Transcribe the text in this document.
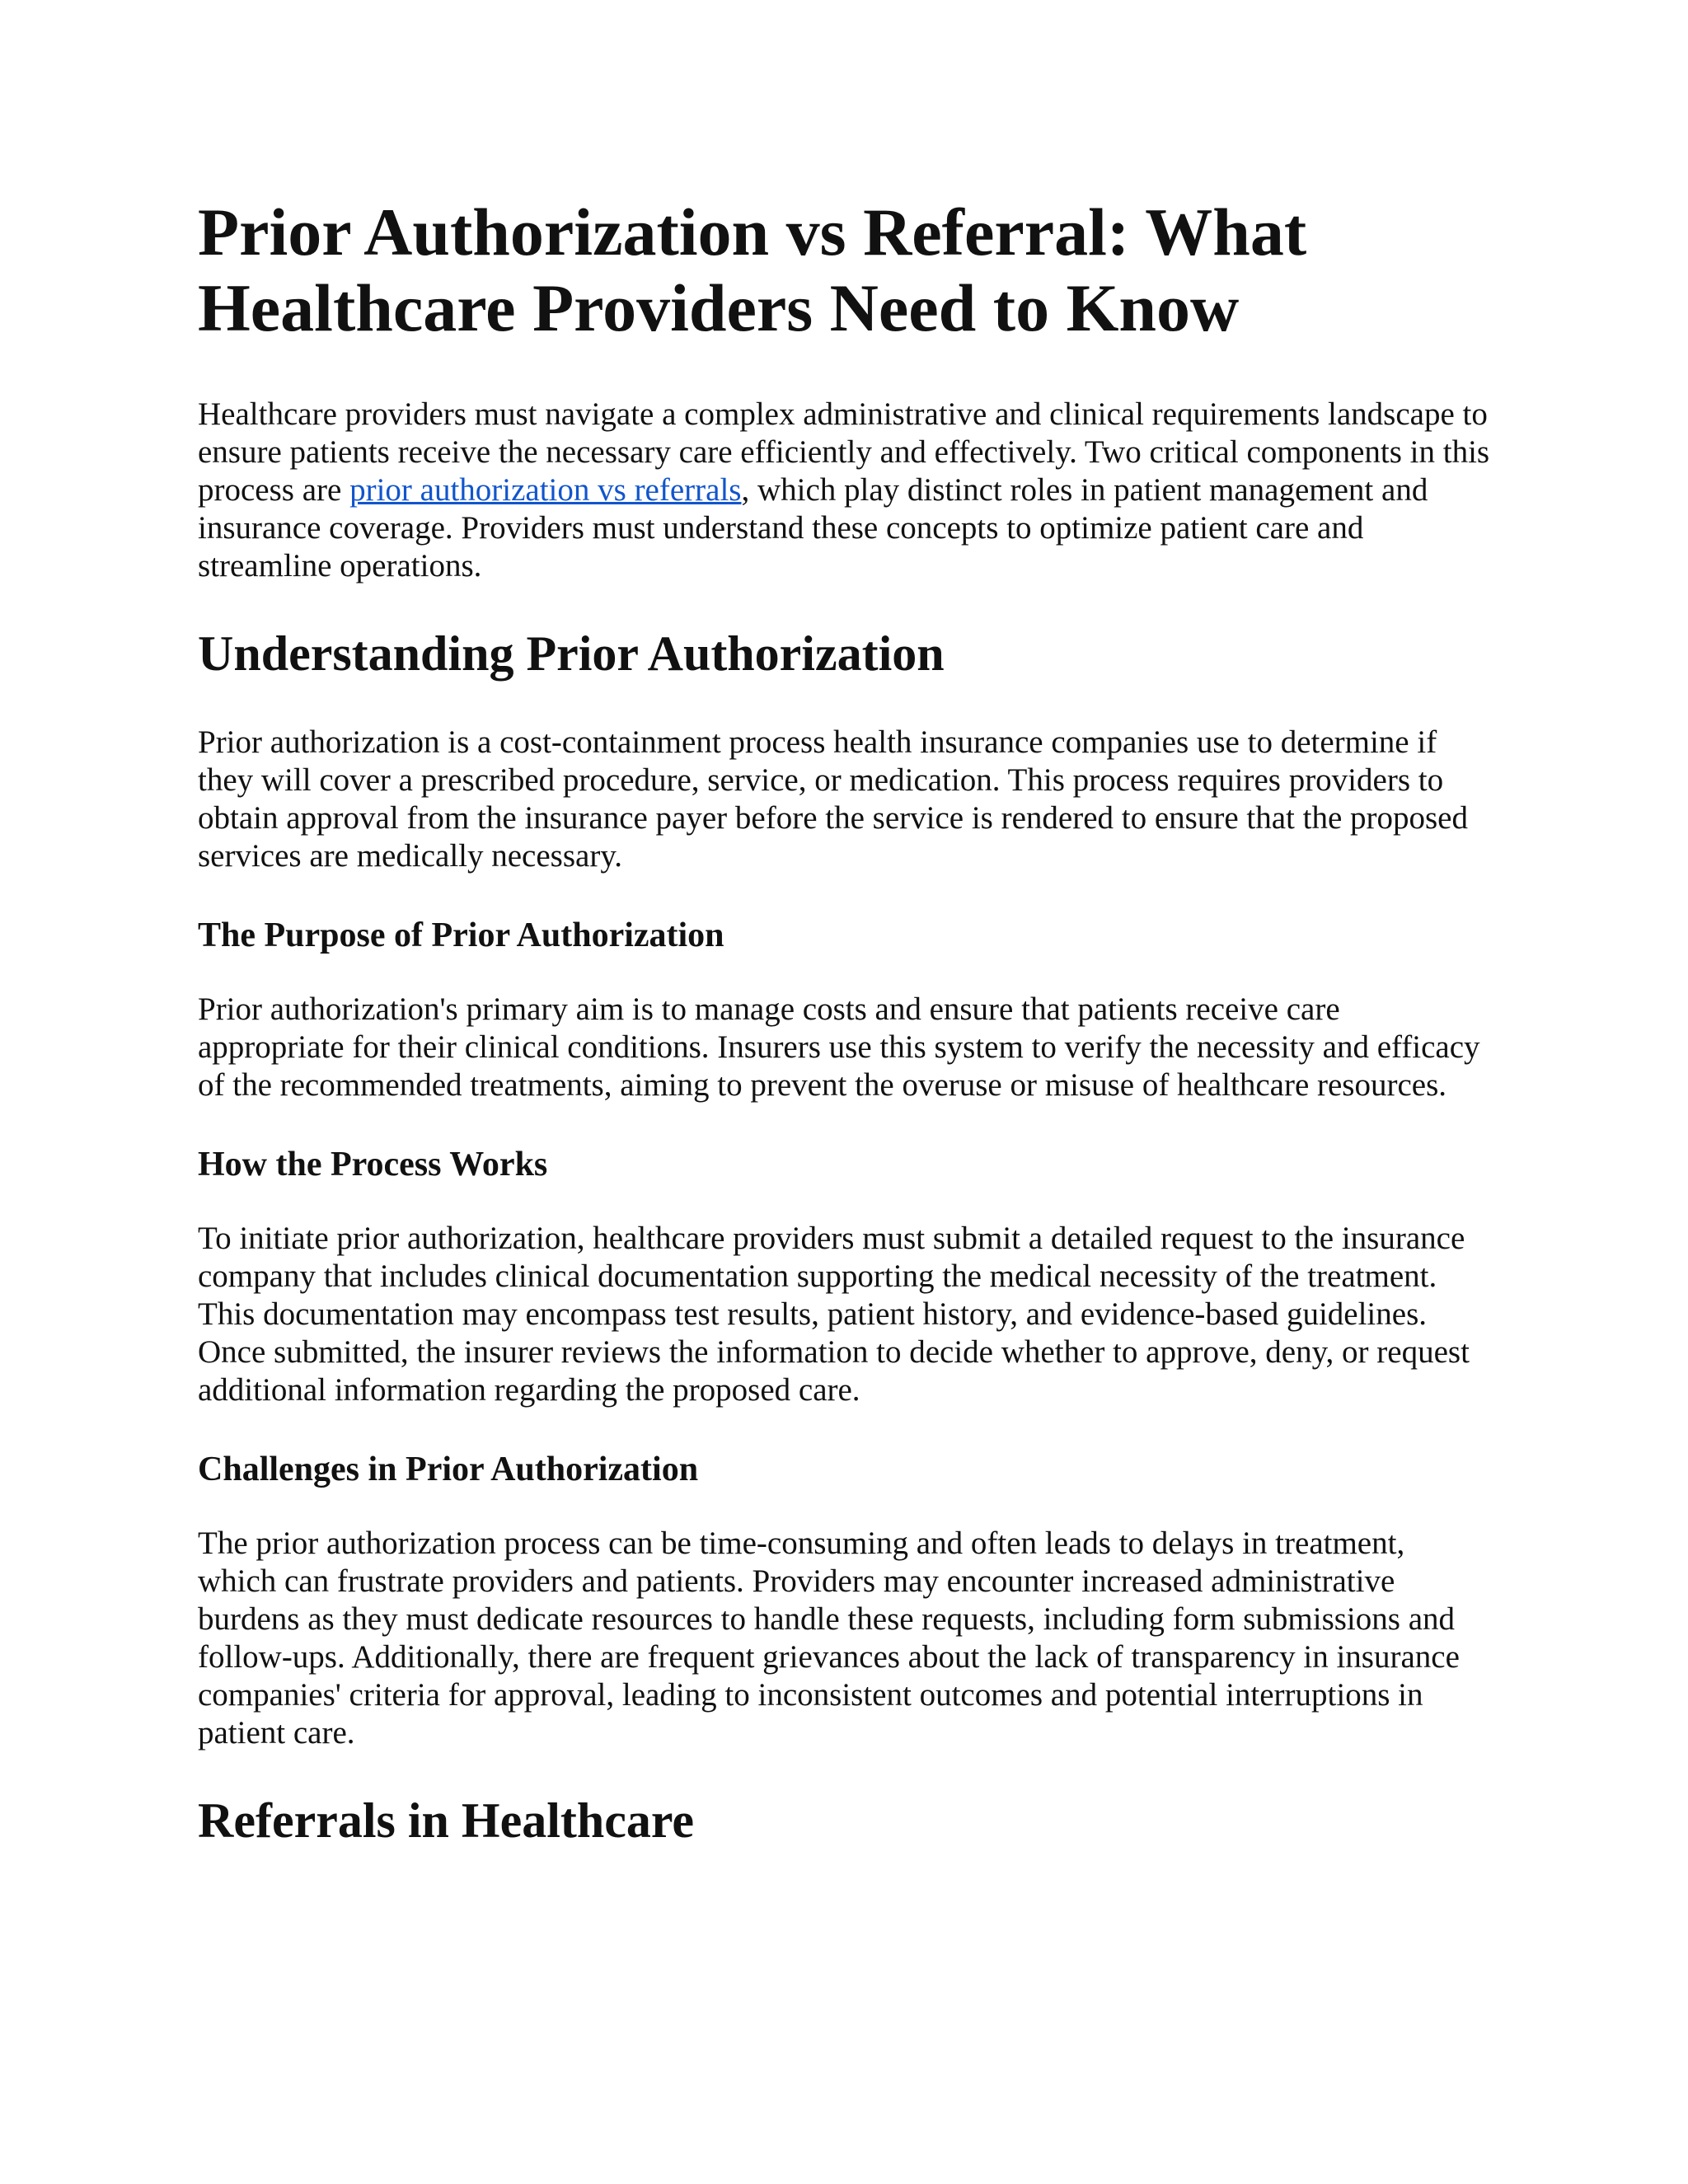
Prior Authorization vs Referral: What Healthcare Providers Need to Know

Healthcare providers must navigate a complex administrative and clinical requirements landscape to ensure patients receive the necessary care efficiently and effectively. Two critical components in this process are prior authorization vs referrals, which play distinct roles in patient management and insurance coverage. Providers must understand these concepts to optimize patient care and streamline operations.

Understanding Prior Authorization

Prior authorization is a cost-containment process health insurance companies use to determine if they will cover a prescribed procedure, service, or medication. This process requires providers to obtain approval from the insurance payer before the service is rendered to ensure that the proposed services are medically necessary.

The Purpose of Prior Authorization

Prior authorization's primary aim is to manage costs and ensure that patients receive care appropriate for their clinical conditions. Insurers use this system to verify the necessity and efficacy of the recommended treatments, aiming to prevent the overuse or misuse of healthcare resources.

How the Process Works

To initiate prior authorization, healthcare providers must submit a detailed request to the insurance company that includes clinical documentation supporting the medical necessity of the treatment. This documentation may encompass test results, patient history, and evidence-based guidelines. Once submitted, the insurer reviews the information to decide whether to approve, deny, or request additional information regarding the proposed care.

Challenges in Prior Authorization

The prior authorization process can be time-consuming and often leads to delays in treatment, which can frustrate providers and patients. Providers may encounter increased administrative burdens as they must dedicate resources to handle these requests, including form submissions and follow-ups. Additionally, there are frequent grievances about the lack of transparency in insurance companies' criteria for approval, leading to inconsistent outcomes and potential interruptions in patient care.

Referrals in Healthcare
